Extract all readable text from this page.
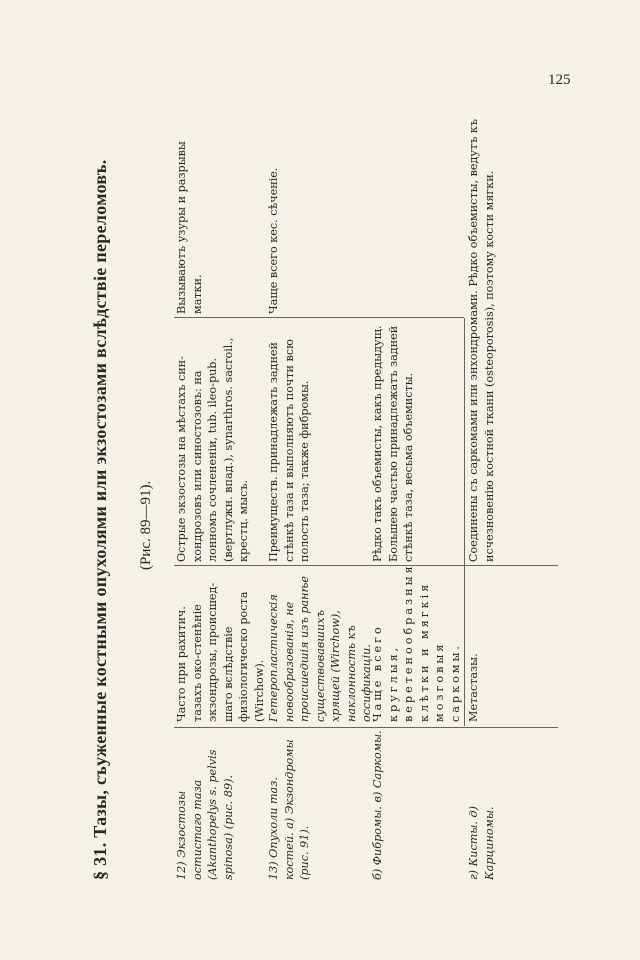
125
§ 31. Тазы, съуженные костными опухолями или экзостозами вслѣдствіе переломовъ.	(Рис. 89—91).
12) Экзостозы остистаго таза (Akanthopelys s. pelvis spinosa) (рис. 89).
Часто при рахитич. тазахъ око-стенѣніе экзондрозы, происшед-шаго вслѣдствіе физіологическо роста (Wirchow).
Острые экзостозы на мѣстахъ син-хондрозовъ или синостозовъ: на лонномъ сочлененіи, tub. ileo-pub. (вертлужн. впад.), synarthros. sacroil., крестц. мысъ.
Вызываютъ узуры и разрывы матки.
13) Опухоли таз. костей. а) Экзондромы (рис. 91).
Гетеропластическія новообразованія, не происшедшія изъ ранѣе существовавшихъ хрящей (Wirchow), наклонность къ оссификаціи.
Преимуществ. принадлежать задней стѣнкѣ таза и выполняютъ почти всю полость таза; также фибромы.
Чаще всего кес. сѣченіе.
б) Фибромы. в) Саркомы.
Чаще всего круглыя, веретенообразныя клѣтки и мягкія мозговыя саркомы.
Рѣдко такъ объемисты, какъ предыдущ. Большею частью принадлежатъ задней стѣнкѣ таза, весьма объемисты.
г) Кисты. д) Карциномы.
Метастазы.
Соединены съ саркомами или энхондромами. Рѣдко объемисты, ведутъ къ исчезновенію костной ткани (osteoporosis), поэтому кости мягки.
